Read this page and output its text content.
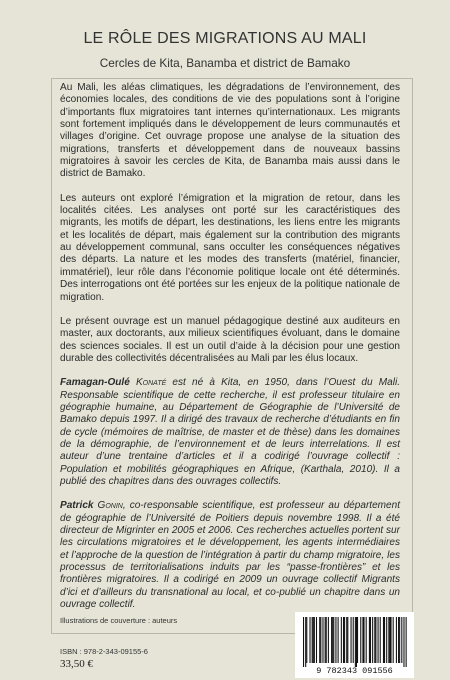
LE RÔLE DES MIGRATIONS AU MALI
Cercles de Kita, Banamba et district de Bamako

Au Mali, les aléas climatiques, les dégradations de l’environnement, des économies locales, des conditions de vie des populations sont à l’origine d’importants flux migratoires tant internes qu’internationaux. Les migrants sont fortement impliqués dans le développement de leurs communautés et villages d’origine. Cet ouvrage propose une analyse de la situation des migrations, transferts et développement dans de nouveaux bassins migratoires à savoir les cercles de Kita, de Banamba mais aussi dans le district de Bamako.

Les auteurs ont exploré l’émigration et la migration de retour, dans les localités citées. Les analyses ont porté sur les caractéristiques des migrants, les motifs de départ, les destinations, les liens entre les migrants et les localités de départ, mais également sur la contribution des migrants au développement communal, sans occulter les conséquences négatives des départs. La nature et les modes des transferts (matériel, financier, immatériel), leur rôle dans l’économie politique locale ont été déterminés. Des interrogations ont été portées sur les enjeux de la politique nationale de migration.

Le présent ouvrage est un manuel pédagogique destiné aux auditeurs en master, aux doctorants, aux milieux scientifiques évoluant, dans le domaine des sciences sociales. Il est un outil d’aide à la décision pour une gestion durable des collectivités décentralisées au Mali par les élus locaux.

Famagan-Oulé Konaté est né à Kita, en 1950, dans l’Ouest du Mali. Responsable scientifique de cette recherche, il est professeur titulaire en géographie humaine, au Département de Géographie de l’Université de Bamako depuis 1997. Il a dirigé des travaux de recherche d’étudiants en fin de cycle (mémoires de maîtrise, de master et de thèse) dans les domaines de la démographie, de l’environnement et de leurs interrelations. Il est auteur d’une trentaine d’articles et il a codirigé l’ouvrage collectif : Population et mobilités géographiques en Afrique, (Karthala, 2010). Il a publié des chapitres dans des ouvrages collectifs.

Patrick Gonin, co-responsable scientifique, est professeur au département de géographie de l’Université de Poitiers depuis novembre 1998. Il a été directeur de Migrinter en 2005 et 2006. Ces recherches actuelles portent sur les circulations migratoires et le développement, les agents intermédiaires et l’approche de la question de l’intégration à partir du champ migratoire, les processus de territorialisations induits par les “passe-frontières” et les frontières migratoires. Il a codirigé en 2009 un ouvrage collectif Migrants d’ici et d’ailleurs du transnational au local, et co-publié un chapitre dans un ouvrage collectif.

Illustrations de couverture : auteurs
ISBN : 978-2-343-09155-6
33,50 €
9 782343 091556
